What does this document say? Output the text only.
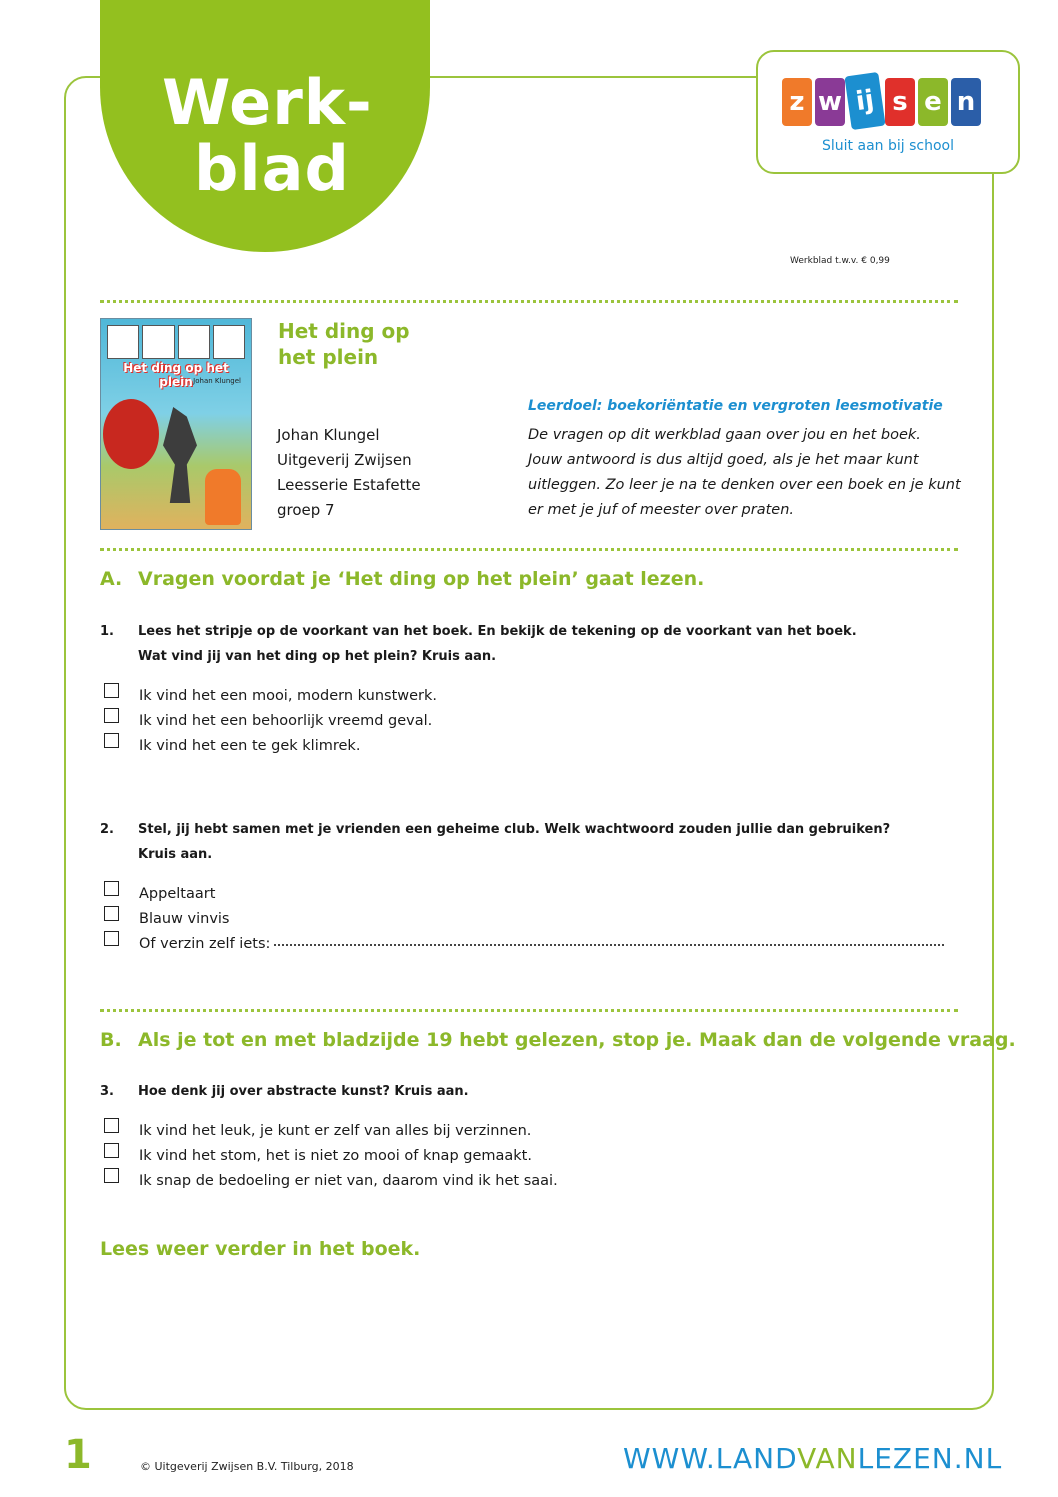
Werk-
blad
z w ij s e n
Sluit aan bij school
Werkblad t.w.v. € 0,99
Het ding op het plein Johan Klungel
Het ding op
het plein
Johan Klungel
Uitgeverij Zwijsen
Leesserie Estafette
groep 7
Leerdoel: boekoriëntatie en vergroten leesmotivatie
De vragen op dit werkblad gaan over jou en het boek.
Jouw antwoord is dus altijd goed, als je het maar kunt
uitleggen. Zo leer je na te denken over een boek en je kunt
er met je juf of meester over praten.
A. Vragen voordat je ‘Het ding op het plein’ gaat lezen.
1.	Lees het stripje op de voorkant van het boek. En bekijk de tekening op de voorkant van het boek.
Wat vind jij van het ding op het plein? Kruis aan.
Ik vind het een mooi, modern kunstwerk.
Ik vind het een behoorlijk vreemd geval.
Ik vind het een te gek klimrek.
2.	Stel, jij hebt samen met je vrienden een geheime club. Welk wachtwoord zouden jullie dan gebruiken?
Kruis aan.
Appeltaart
Blauw vinvis
Of verzin zelf iets:
B. Als je tot en met bladzijde 19 hebt gelezen, stop je. Maak dan de volgende vraag.
3.	Hoe denk jij over abstracte kunst? Kruis aan.
Ik vind het leuk, je kunt er zelf van alles bij verzinnen.
Ik vind het stom, het is niet zo mooi of knap gemaakt.
Ik snap de bedoeling er niet van, daarom vind ik het saai.
Lees weer verder in het boek.
1	© Uitgeverij Zwijsen B.V. Tilburg, 2018	WWW.LANDVANLEZEN.NL
